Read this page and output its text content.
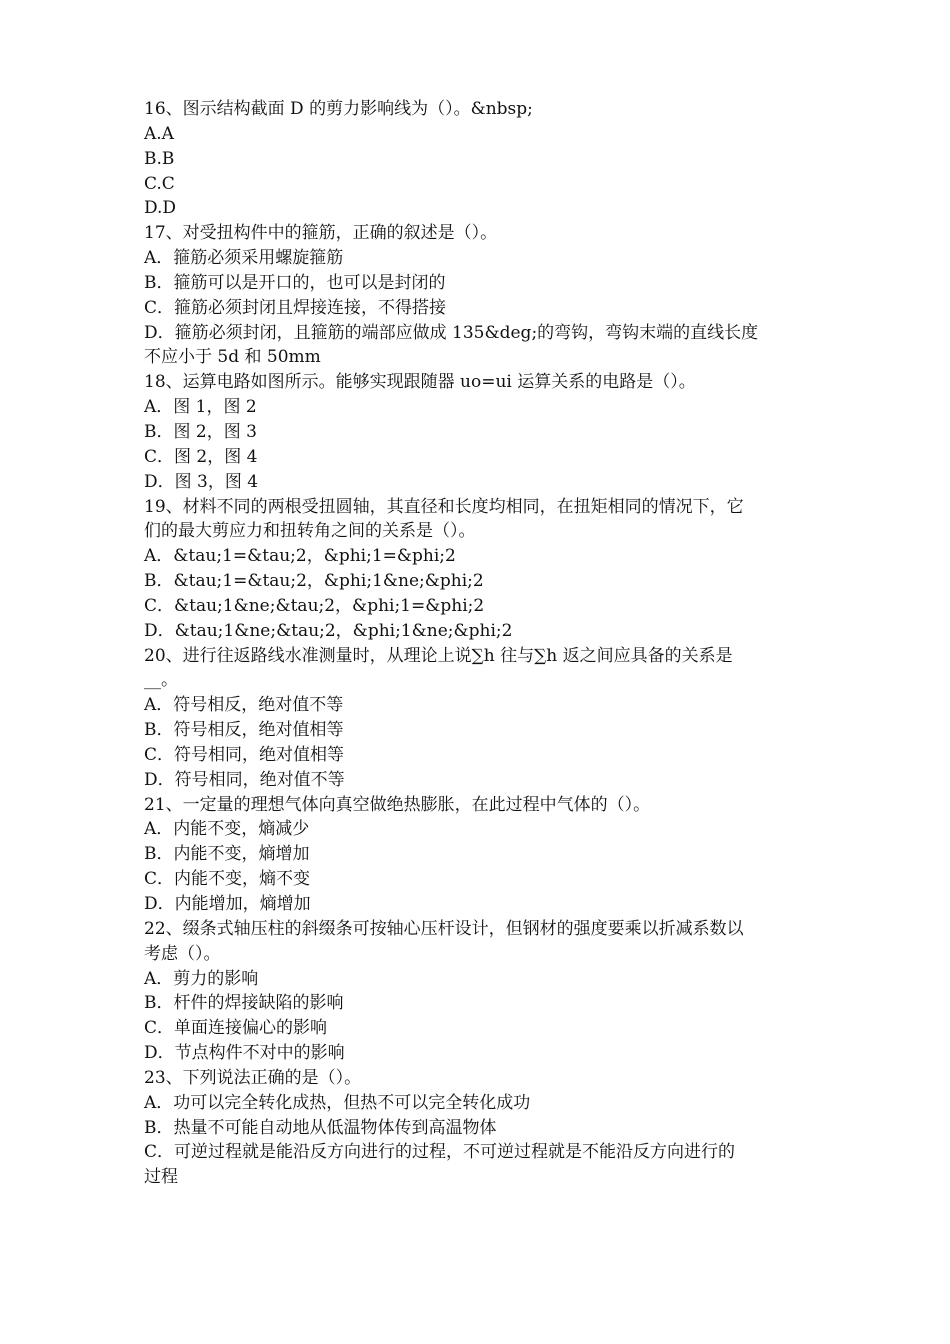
16、图示结构截面 D 的剪力影响线为（）。&nbsp;
A.A
B.B
C.C
D.D
17、对受扭构件中的箍筋，正确的叙述是（）。
A．箍筋必须采用螺旋箍筋
B．箍筋可以是开口的，也可以是封闭的
C．箍筋必须封闭且焊接连接，不得搭接
D．箍筋必须封闭，且箍筋的端部应做成 135&deg;的弯钩，弯钩末端的直线长度
不应小于 5d 和 50mm
18、运算电路如图所示。能够实现跟随器 uo=ui 运算关系的电路是（）。
A．图 1，图 2
B．图 2，图 3
C．图 2，图 4
D．图 3，图 4
19、材料不同的两根受扭圆轴，其直径和长度均相同，在扭矩相同的情况下，它
们的最大剪应力和扭转角之间的关系是（）。
A．&tau;1=&tau;2，&phi;1=&phi;2
B．&tau;1=&tau;2，&phi;1&ne;&phi;2
C．&tau;1&ne;&tau;2，&phi;1=&phi;2
D．&tau;1&ne;&tau;2，&phi;1&ne;&phi;2
20、进行往返路线水准测量时，从理论上说∑h 往与∑h 返之间应具备的关系是
__。
A．符号相反，绝对值不等
B．符号相反，绝对值相等
C．符号相同，绝对值相等
D．符号相同，绝对值不等
21、一定量的理想气体向真空做绝热膨胀，在此过程中气体的（）。
A．内能不变，熵减少
B．内能不变，熵增加
C．内能不变，熵不变
D．内能增加，熵增加
22、缀条式轴压柱的斜缀条可按轴心压杆设计，但钢材的强度要乘以折减系数以
考虑（）。
A．剪力的影响
B．杆件的焊接缺陷的影响
C．单面连接偏心的影响
D．节点构件不对中的影响
23、下列说法正确的是（）。
A．功可以完全转化成热，但热不可以完全转化成功
B．热量不可能自动地从低温物体传到高温物体
C．可逆过程就是能沿反方向进行的过程，不可逆过程就是不能沿反方向进行的
过程
